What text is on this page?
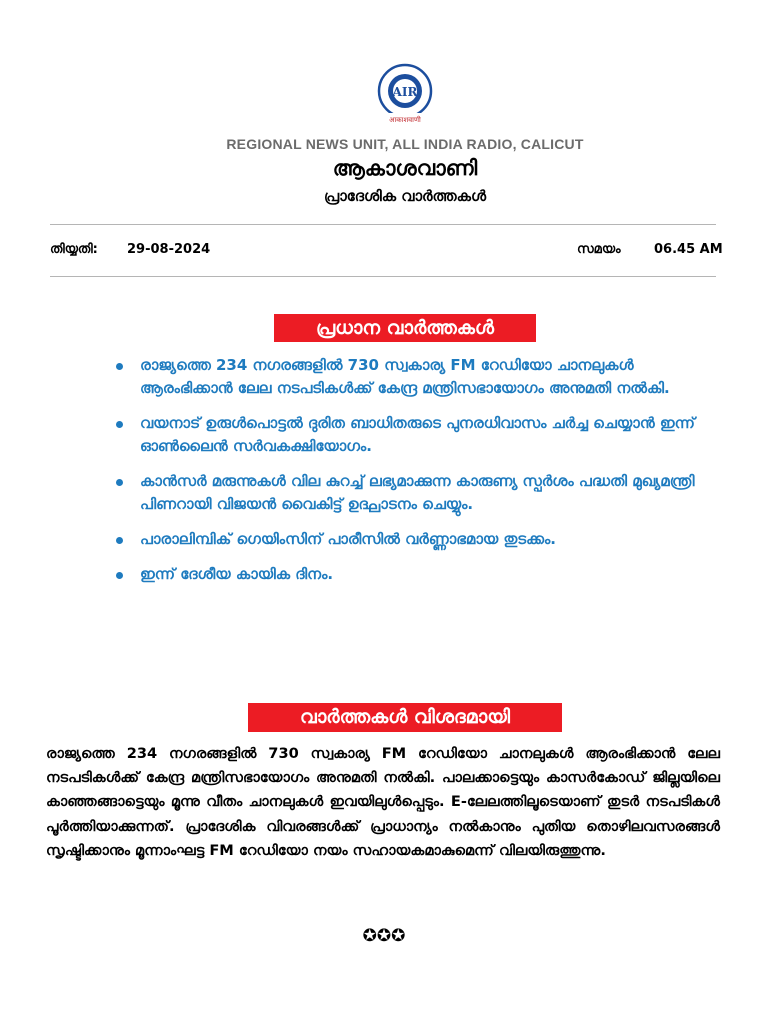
AIR
आकाशवाणी
REGIONAL NEWS UNIT, ALL INDIA RADIO, CALICUT
ആകാശവാണി
പ്രാദേശിക വാർത്തകൾ
തിയ്യതി: 29-08-2024	സമയം	06.45 AM
പ്രധാന വാർത്തകൾ
രാജ്യത്തെ 234 നഗരങ്ങളിൽ 730 സ്വകാര്യ FM റേഡിയോ ചാനലുകൾ ആരംഭിക്കാൻ ലേല നടപടികൾക്ക് കേന്ദ്ര മന്ത്രിസഭായോഗം അനുമതി നൽകി.
വയനാട് ഉരുൾപൊട്ടൽ ദുരിത ബാധിതരുടെ പുനരധിവാസം ചർച്ച ചെയ്യാൻ ഇന്ന് ഓൺലൈൻ സർവകക്ഷിയോഗം.
കാൻസർ മരുന്നുകൾ വില കുറച്ച് ലഭ്യമാക്കുന്ന കാരുണ്യ സ്പർശം പദ്ധതി മുഖ്യമന്ത്രി പിണറായി വിജയൻ വൈകിട്ട് ഉദ്ഘാടനം ചെയ്യും.
പാരാലിമ്പിക് ഗെയിംസിന് പാരീസിൽ വർണ്ണാഭമായ തുടക്കം.
ഇന്ന് ദേശീയ കായിക ദിനം.
വാർത്തകൾ വിശദമായി
രാജ്യത്തെ 234 നഗരങ്ങളിൽ 730 സ്വകാര്യ FM റേഡിയോ ചാനലുകൾ ആരംഭിക്കാൻ ലേല നടപടികൾക്ക് കേന്ദ്ര മന്ത്രിസഭായോഗം അനുമതി നൽകി. പാലക്കാട്ടെയും കാസർകോഡ് ജില്ലയിലെ കാഞ്ഞങ്ങാട്ടെയും മൂന്നു വീതം ചാനലുകൾ ഇവയിലുൾപ്പെടും. E-ലേലത്തിലൂടെയാണ് തുടർ നടപടികൾ പൂർത്തിയാക്കുന്നത്. പ്രാദേശിക വിവരങ്ങൾക്ക് പ്രാധാന്യം നൽകാനും പുതിയ തൊഴിലവസരങ്ങൾ സൃഷ്ടിക്കാനും മൂന്നാംഘട്ട FM റേഡിയോ നയം സഹായകമാകുമെന്ന് വിലയിരുത്തുന്നു.
✪✪✪
